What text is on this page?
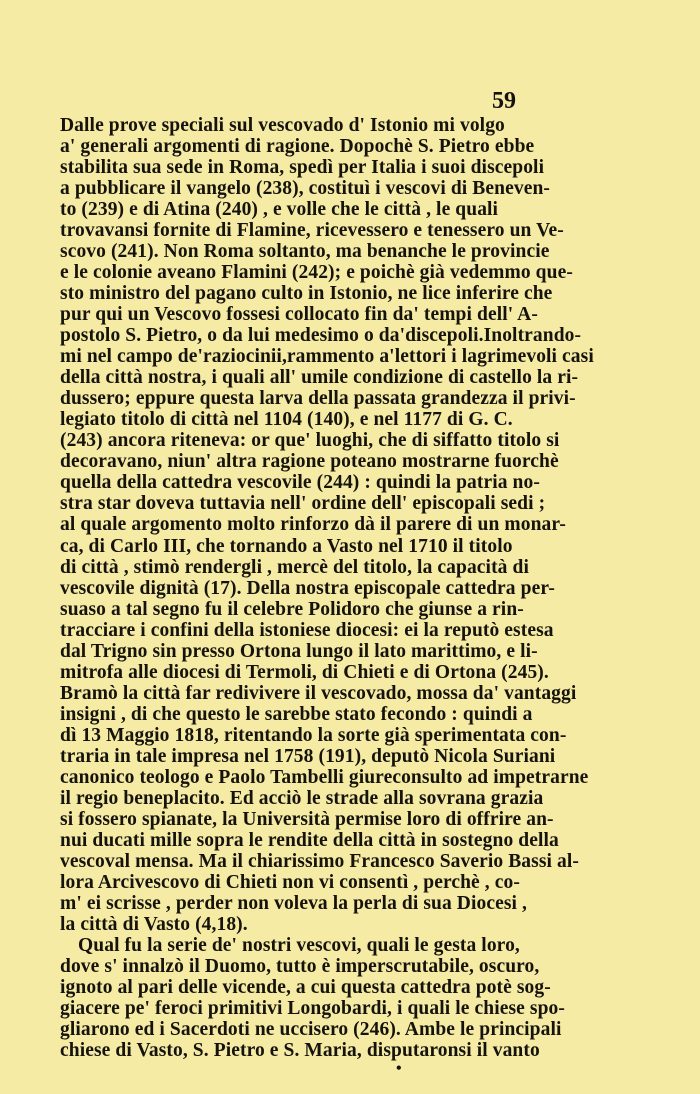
59
Dalle prove speciali sul vescovado d' Istonio mi volgo
a' generali argomenti di ragione. Dopochè S. Pietro ebbe
stabilita sua sede in Roma, spedì per Italia i suoi discepoli
a pubblicare il vangelo (238), costituì i vescovi di Beneven-
to (239) e di Atina (240) , e volle che le città , le quali
trovavansi fornite di Flamine, ricevessero e tenessero un Ve-
scovo (241). Non Roma soltanto, ma benanche le provincie
e le colonie aveano Flamini (242); e poichè già vedemmo que-
sto ministro del pagano culto in Istonio, ne lice inferire che
pur qui un Vescovo fossesi collocato fin da' tempi dell' A-
postolo S. Pietro, o da lui medesimo o da'discepoli.Inoltrando-
mi nel campo de'raziocinii,rammento a'lettori i lagrimevoli casi
della città nostra, i quali all' umile condizione di castello la ri-
dussero; eppure questa larva della passata grandezza il privi-
legiato titolo di città nel 1104 (140), e nel 1177 di G. C.
(243) ancora riteneva: or que' luoghi, che di siffatto titolo si
decoravano, niun' altra ragione poteano mostrarne fuorchè
quella della cattedra vescovile (244) : quindi la patria no-
stra star doveva tuttavia nell' ordine dell' episcopali sedi ;
al quale argomento molto rinforzo dà il parere di un monar-
ca, di Carlo III, che tornando a Vasto nel 1710 il titolo
di città , stimò rendergli , mercè del titolo, la capacità di
vescovile dignità (17). Della nostra episcopale cattedra per-
suaso a tal segno fu il celebre Polidoro che giunse a rin-
tracciare i confini della istoniese diocesi: ei la reputò estesa
dal Trigno sin presso Ortona lungo il lato marittimo, e li-
mitrofa alle diocesi di Termoli, di Chieti e di Ortona (245).
Bramò la città far redivivere il vescovado, mossa da' vantaggi
insigni , di che questo le sarebbe stato fecondo : quindi a
dì 13 Maggio 1818, ritentando la sorte già sperimentata con-
traria in tale impresa nel 1758 (191), deputò Nicola Suriani
canonico teologo e Paolo Tambelli giureconsulto ad impetrarne
il regio beneplacito. Ed acciò le strade alla sovrana grazia
si fossero spianate, la Università permise loro di offrire an-
nui ducati mille sopra le rendite della città in sostegno della
vescoval mensa. Ma il chiarissimo Francesco Saverio Bassi al-
lora Arcivescovo di Chieti non vi consentì , perchè , co-
m' ei scrisse , perder non voleva la perla di sua Diocesi ,
la città di Vasto (4,18).
Qual fu la serie de' nostri vescovi, quali le gesta loro,
dove s' innalzò il Duomo, tutto è imperscrutabile, oscuro,
ignoto al pari delle vicende, a cui questa cattedra potè sog-
giacere pe' feroci primitivi Longobardi, i quali le chiese spo-
gliarono ed i Sacerdoti ne uccisero (246). Ambe le principali
chiese di Vasto, S. Pietro e S. Maria, disputaronsi il vanto
•
